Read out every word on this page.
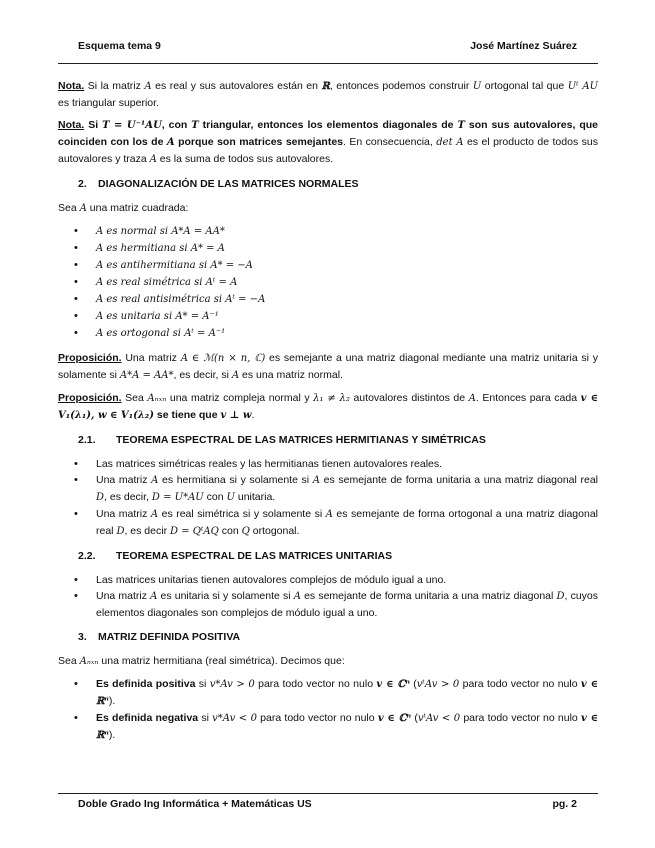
Esquema tema 9	José Martínez Suárez

Nota. Si la matriz A es real y sus autovalores están en ℝ, entonces podemos construir U ortogonal tal que Uᵗ AU es triangular superior.

Nota. Si T = U⁻¹AU, con T triangular, entonces los elementos diagonales de T son sus autovalores, que coinciden con los de A porque son matrices semejantes. En consecuencia, det A es el producto de todos sus autovalores y traza A es la suma de todos sus autovalores.

2. DIAGONALIZACIÓN DE LAS MATRICES NORMALES

Sea A una matriz cuadrada:

• A es normal si A*A = AA*
• A es hermitiana si A* = A
• A es antihermitiana si A* = −A
• A es real simétrica si Aᵗ = A
• A es real antisimétrica si Aᵗ = −A
• A es unitaria si A* = A⁻¹
• A es ortogonal si Aᵗ = A⁻¹

Proposición. Una matriz A ∈ ℳ(n × n, ℂ) es semejante a una matriz diagonal mediante una matriz unitaria si y solamente si A*A = AA*, es decir, si A es una matriz normal.

Proposición. Sea Aₙₓₙ una matriz compleja normal y λ₁ ≠ λ₂ autovalores distintos de A. Entonces para cada v ∈ V₁(λ₁), w ∈ V₁(λ₂) se tiene que v ⊥ w.

2.1. TEOREMA ESPECTRAL DE LAS MATRICES HERMITIANAS Y SIMÉTRICAS
• Las matrices simétricas reales y las hermitianas tienen autovalores reales.
• Una matriz A es hermitiana si y solamente si A es semejante de forma unitaria a una matriz diagonal real D, es decir, D = U*AU con U unitaria.
• Una matriz A es real simétrica si y solamente si A es semejante de forma ortogonal a una matriz diagonal real D, es decir D = QᵗAQ con Q ortogonal.
2.2. TEOREMA ESPECTRAL DE LAS MATRICES UNITARIAS
• Las matrices unitarias tienen autovalores complejos de módulo igual a uno.
• Una matriz A es unitaria si y solamente si A es semejante de forma unitaria a una matriz diagonal D, cuyos elementos diagonales son complejos de módulo igual a uno.
3. MATRIZ DEFINIDA POSITIVA

Sea Aₙₓₙ una matriz hermitiana (real simétrica). Decimos que:

• Es definida positiva si v*Av > 0 para todo vector no nulo v ∈ ℂⁿ (vᵗAv > 0 para todo vector no nulo v ∈ ℝⁿ).
• Es definida negativa si v*Av < 0 para todo vector no nulo v ∈ ℂⁿ (vᵗAv < 0 para todo vector no nulo v ∈ ℝⁿ).
Doble Grado Ing Informática + Matemáticas US	pg. 2
